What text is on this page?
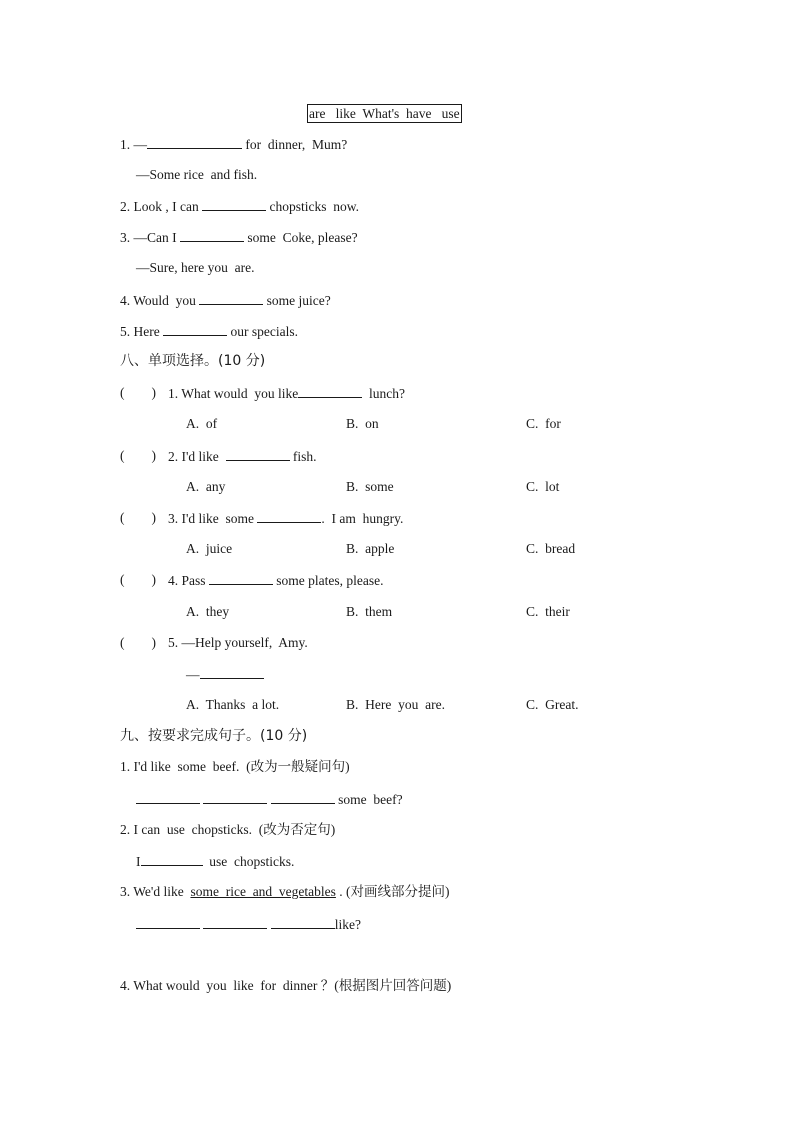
are   like  What's  have   use
1. —	for  dinner,  Mum?
—Some rice  and fish.
2. Look , I can	chopsticks  now.
3. —Can I	some  Coke, please?
—Sure, here you  are.
4. Would  you	some juice?
5. Here	our specials.
八、单项选择。(10 分)
(        ) 1. What would  you like	lunch?
A.  of	B.  on	C.  for
(        ) 2. I'd like	fish.
A.  any	B.  some	C.  lot
(        ) 3. I'd like  some	.  I am  hungry.
A.  juice	B.  apple	C.  bread
(        ) 4. Pass	some plates, please.
A.  they	B.  them	C.  their
(        ) 5. —Help yourself,  Amy.
—
A.  Thanks  a lot.	B.  Here  you  are.	C.  Great.
九、按要求完成句子。(10 分)
1. I'd like  some  beef.  (改为一般疑问句)
some  beef?
2. I can  use  chopsticks.  (改为否定句)
I	use  chopsticks.
3. We'd like  some  rice  and  vegetables . (对画线部分提问)
like?
4. What would  you  like  for  dinner ？(根据图片回答问题)
